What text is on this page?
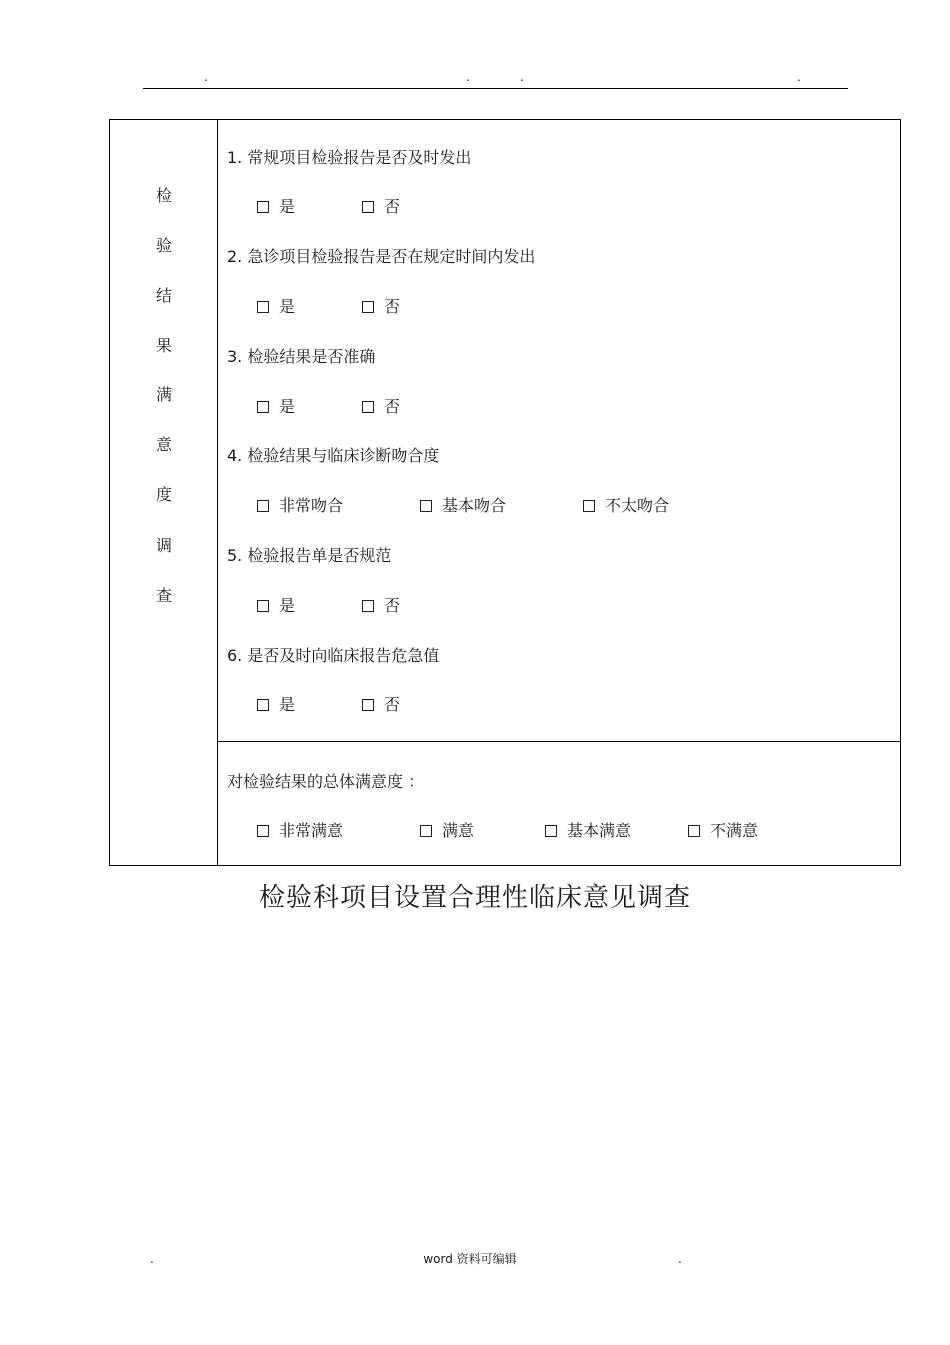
.	.	.	.
检
验
结
果
满
意
度
调
查
1. 常规项目检验报告是否及时发出
是	否
2. 急诊项目检验报告是否在规定时间内发出
是	否
3. 检验结果是否准确
是	否
4. 检验结果与临床诊断吻合度
非常吻合	基本吻合	不太吻合
5. 检验报告单是否规范
是	否
6. 是否及时向临床报告危急值
是	否
对检验结果的总体满意度 ：
非常满意	满意	基本满意	不满意
检验科项目设置合理性临床意见调查
.	word 资料可编辑	.
